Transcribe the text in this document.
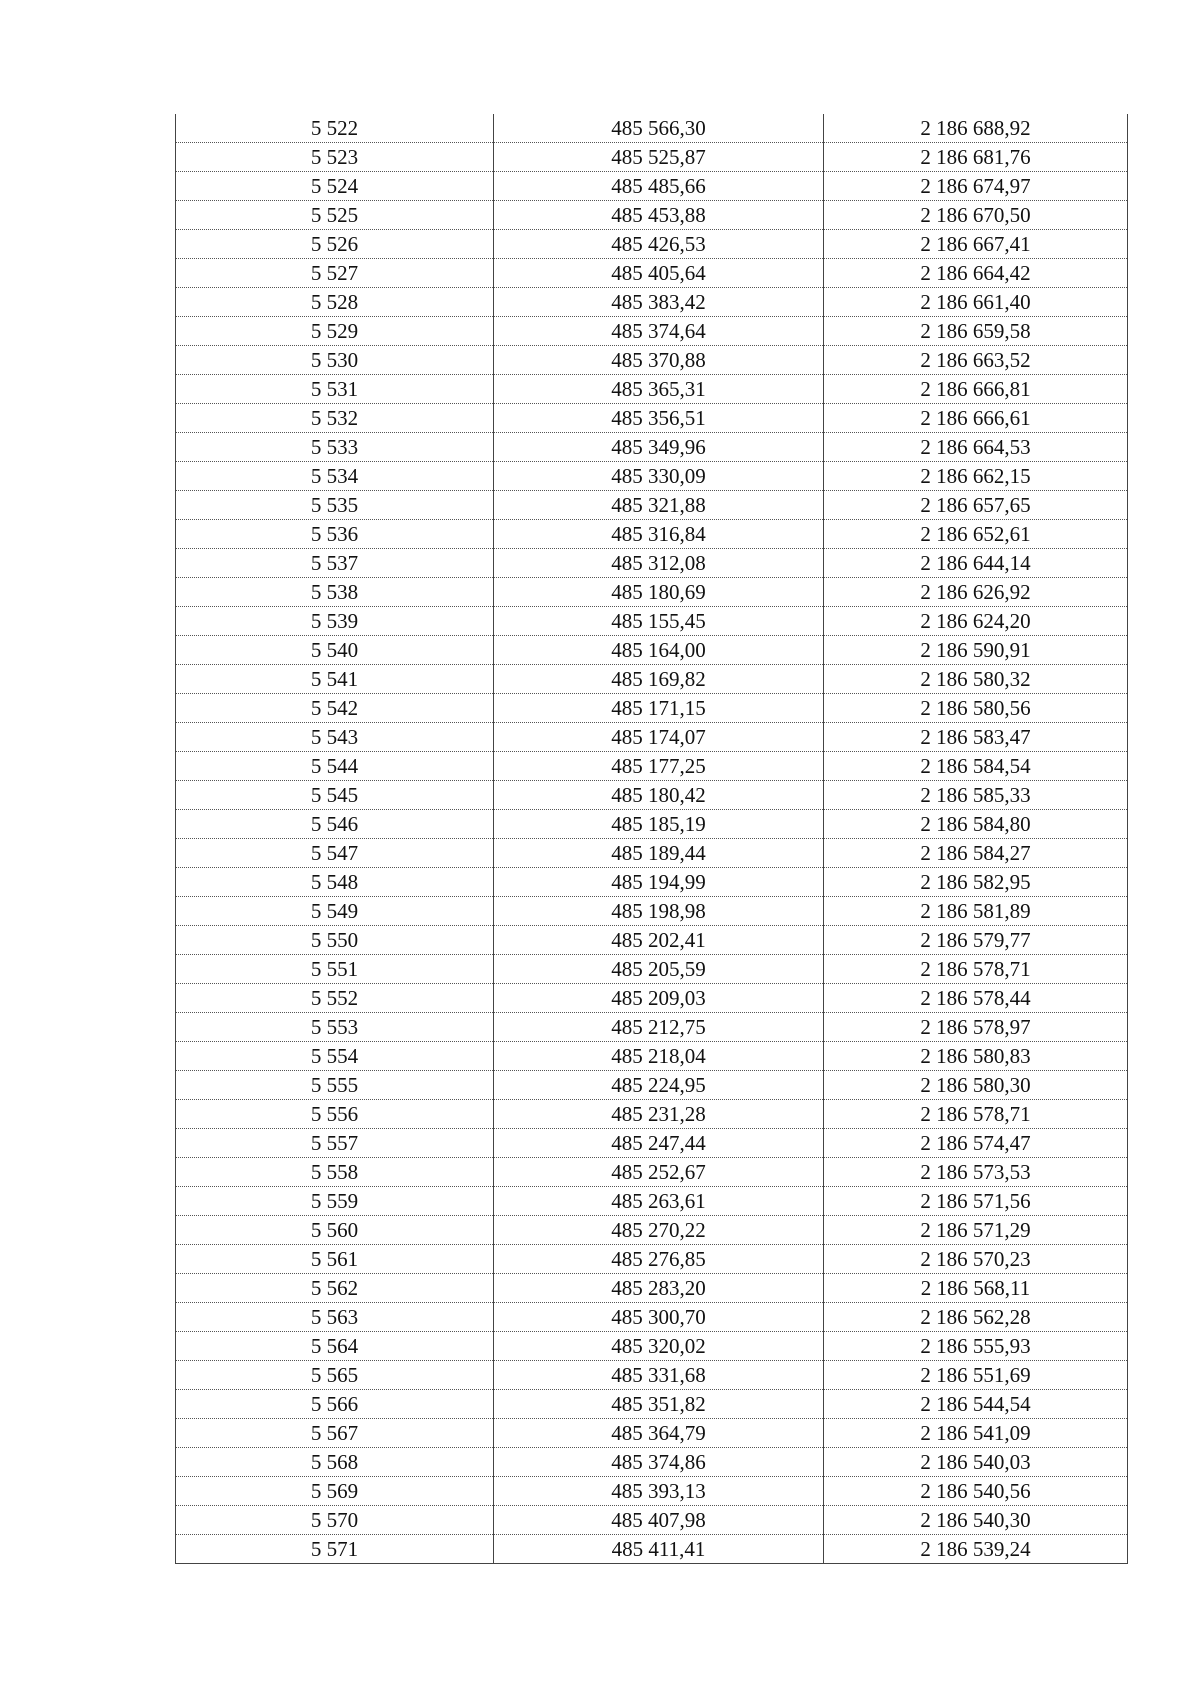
5 522	485 566,30	2 186 688,92
5 523	485 525,87	2 186 681,76
5 524	485 485,66	2 186 674,97
5 525	485 453,88	2 186 670,50
5 526	485 426,53	2 186 667,41
5 527	485 405,64	2 186 664,42
5 528	485 383,42	2 186 661,40
5 529	485 374,64	2 186 659,58
5 530	485 370,88	2 186 663,52
5 531	485 365,31	2 186 666,81
5 532	485 356,51	2 186 666,61
5 533	485 349,96	2 186 664,53
5 534	485 330,09	2 186 662,15
5 535	485 321,88	2 186 657,65
5 536	485 316,84	2 186 652,61
5 537	485 312,08	2 186 644,14
5 538	485 180,69	2 186 626,92
5 539	485 155,45	2 186 624,20
5 540	485 164,00	2 186 590,91
5 541	485 169,82	2 186 580,32
5 542	485 171,15	2 186 580,56
5 543	485 174,07	2 186 583,47
5 544	485 177,25	2 186 584,54
5 545	485 180,42	2 186 585,33
5 546	485 185,19	2 186 584,80
5 547	485 189,44	2 186 584,27
5 548	485 194,99	2 186 582,95
5 549	485 198,98	2 186 581,89
5 550	485 202,41	2 186 579,77
5 551	485 205,59	2 186 578,71
5 552	485 209,03	2 186 578,44
5 553	485 212,75	2 186 578,97
5 554	485 218,04	2 186 580,83
5 555	485 224,95	2 186 580,30
5 556	485 231,28	2 186 578,71
5 557	485 247,44	2 186 574,47
5 558	485 252,67	2 186 573,53
5 559	485 263,61	2 186 571,56
5 560	485 270,22	2 186 571,29
5 561	485 276,85	2 186 570,23
5 562	485 283,20	2 186 568,11
5 563	485 300,70	2 186 562,28
5 564	485 320,02	2 186 555,93
5 565	485 331,68	2 186 551,69
5 566	485 351,82	2 186 544,54
5 567	485 364,79	2 186 541,09
5 568	485 374,86	2 186 540,03
5 569	485 393,13	2 186 540,56
5 570	485 407,98	2 186 540,30
5 571	485 411,41	2 186 539,24
